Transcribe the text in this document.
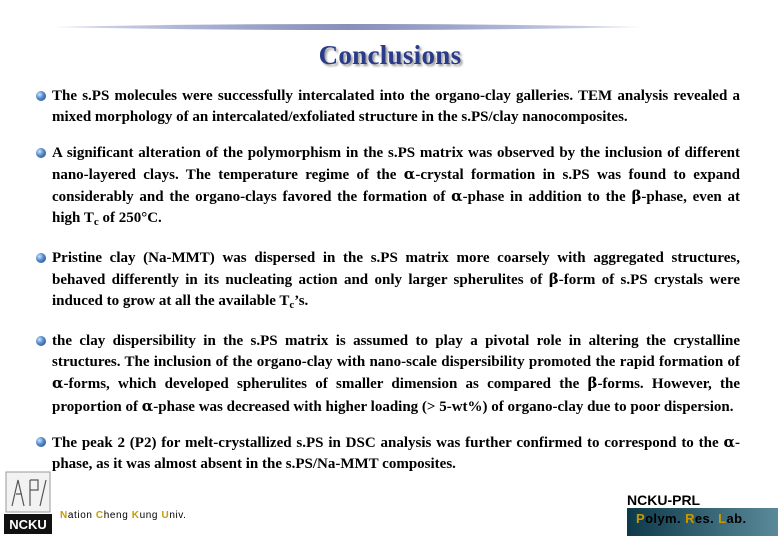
Conclusions
The s.PS molecules were successfully intercalated into the organo-clay galleries. TEM analysis revealed a mixed morphology of an intercalated/exfoliated structure in the s.PS/clay nanocomposites.
A significant alteration of the polymorphism in the s.PS matrix was observed by the inclusion of different nano-layered clays. The temperature regime of the α-crystal formation in s.PS was found to expand considerably and the organo-clays favored the formation of α-phase in addition to the β-phase, even at high $T_c$ of 250°C.
Pristine clay (Na-MMT) was dispersed in the s.PS matrix more coarsely with aggregated structures, behaved differently in its nucleating action and only larger spherulites of β-form of s.PS crystals were induced to grow at all the available $T_c’s$.
the clay dispersibility in the s.PS matrix is assumed to play a pivotal role in altering the crystalline structures. The inclusion of the organo-clay with nano-scale dispersibility promoted the rapid formation of α-forms, which developed spherulites of smaller dimension as compared the β-forms. However, the proportion of α-phase was decreased with higher loading (> 5-wt%) of organo-clay due to poor dispersion.
The peak 2 (P2) for melt-crystallized s.PS in DSC analysis was further confirmed to correspond to the α-phase, as it was almost absent in the s.PS/Na-MMT composites.
NCKU
Nation Cheng Kung Univ.
NCKU-PRL
Polym. Res. Lab.
